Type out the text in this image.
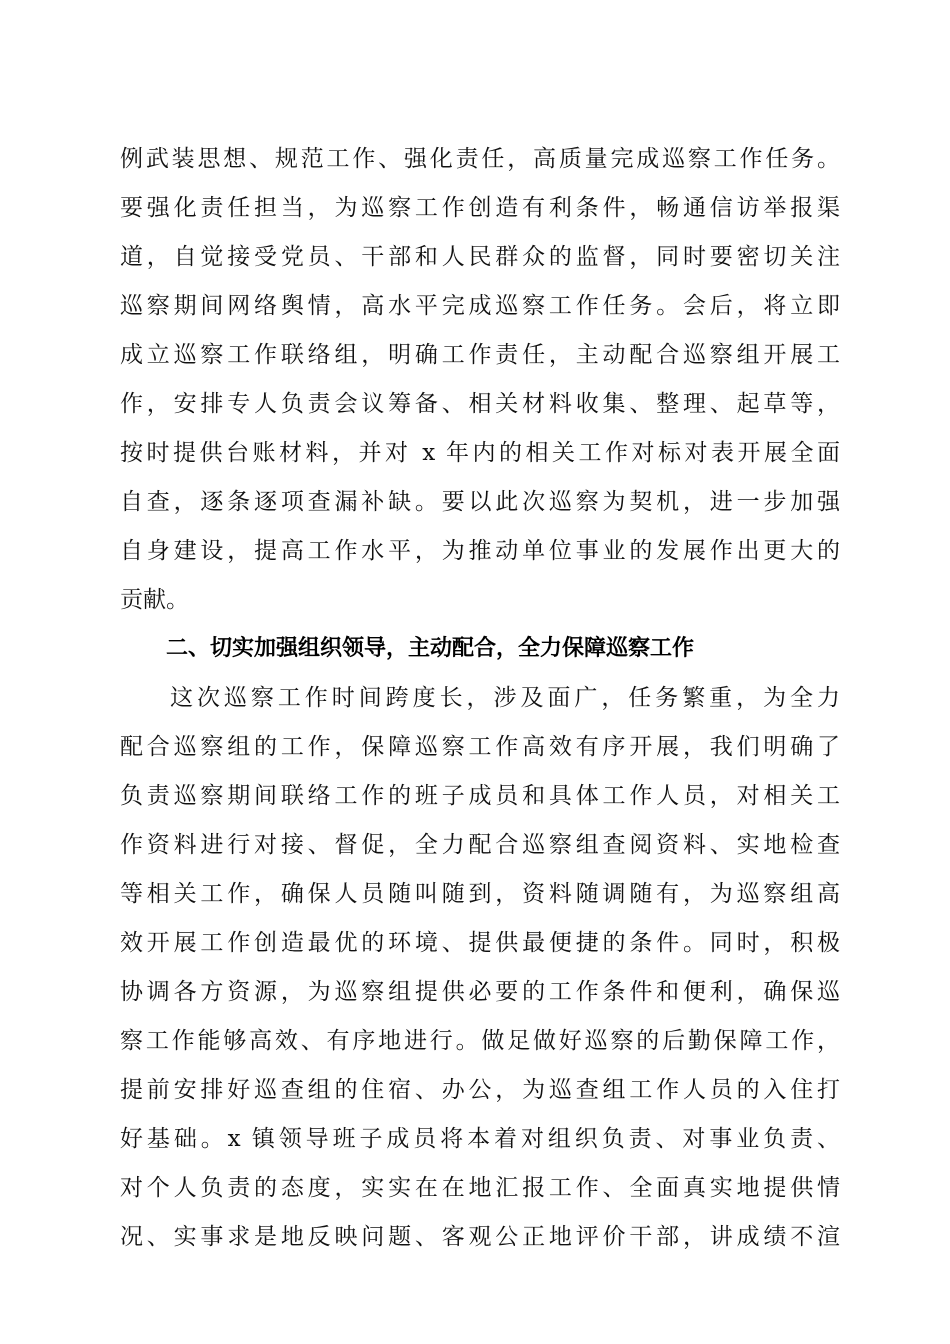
例武装思想、规范工作、强化责任，高质量完成巡察工作任务。
要强化责任担当，为巡察工作创造有利条件，畅通信访举报渠
道，自觉接受党员、干部和人民群众的监督，同时要密切关注
巡察期间网络舆情，高水平完成巡察工作任务。会后，将立即
成立巡察工作联络组，明确工作责任，主动配合巡察组开展工
作，安排专人负责会议筹备、相关材料收集、整理、起草等，
按时提供台账材料，并对 x 年内的相关工作对标对表开展全面
自查，逐条逐项查漏补缺。要以此次巡察为契机，进一步加强
自身建设，提高工作水平，为推动单位事业的发展作出更大的
贡献。
二、切实加强组织领导，主动配合，全力保障巡察工作
这次巡察工作时间跨度长，涉及面广，任务繁重，为全力
配合巡察组的工作，保障巡察工作高效有序开展，我们明确了
负责巡察期间联络工作的班子成员和具体工作人员，对相关工
作资料进行对接、督促，全力配合巡察组查阅资料、实地检查
等相关工作，确保人员随叫随到，资料随调随有，为巡察组高
效开展工作创造最优的环境、提供最便捷的条件。同时，积极
协调各方资源，为巡察组提供必要的工作条件和便利，确保巡
察工作能够高效、有序地进行。做足做好巡察的后勤保障工作，
提前安排好巡查组的住宿、办公，为巡查组工作人员的入住打
好基础。x 镇领导班子成员将本着对组织负责、对事业负责、
对个人负责的态度，实实在在地汇报工作、全面真实地提供情
况、实事求是地反映问题、客观公正地评价干部，讲成绩不渲
